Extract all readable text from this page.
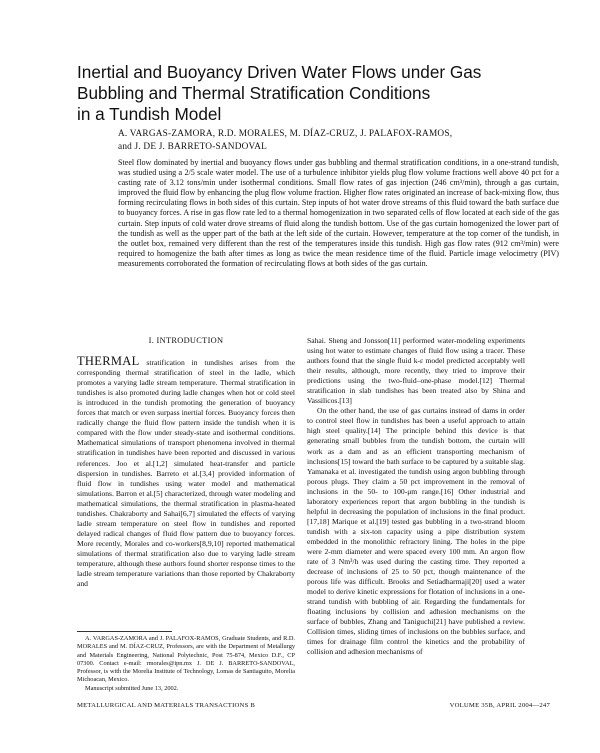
Inertial and Buoyancy Driven Water Flows under Gas
Bubbling and Thermal Stratification Conditions
in a Tundish Model
A. VARGAS-ZAMORA, R.D. MORALES, M. DÍAZ-CRUZ, J. PALAFOX-RAMOS,
and J. DE J. BARRETO-SANDOVAL
Steel flow dominated by inertial and buoyancy flows under gas bubbling and thermal stratification conditions, in a one-strand tundish, was studied using a 2/5 scale water model. The use of a turbulence inhibitor yields plug flow volume fractions well above 40 pct for a casting rate of 3.12 tons/min under isothermal conditions. Small flow rates of gas injection (246 cm³/min), through a gas curtain, improved the fluid flow by enhancing the plug flow volume fraction. Higher flow rates originated an increase of back-mixing flow, thus forming recirculating flows in both sides of this curtain. Step inputs of hot water drove streams of this fluid toward the bath surface due to buoyancy forces. A rise in gas flow rate led to a thermal homogenization in two separated cells of flow located at each side of the gas curtain. Step inputs of cold water drove streams of fluid along the tundish bottom. Use of the gas curtain homogenized the lower part of the tundish as well as the upper part of the bath at the left side of the curtain. However, temperature at the top corner of the tundish, in the outlet box, remained very different than the rest of the temperatures inside this tundish. High gas flow rates (912 cm³/min) were required to homogenize the bath after times as long as twice the mean residence time of the fluid. Particle image velocimetry (PIV) measurements corroborated the formation of recirculating flows at both sides of the gas curtain.
I. INTRODUCTION

THERMAL stratification in tundishes arises from the corresponding thermal stratification of steel in the ladle, which promotes a varying ladle stream temperature. Thermal stratification in tundishes is also promoted during ladle changes when hot or cold steel is introduced in the tundish promoting the generation of buoyancy forces that match or even surpass inertial forces. Buoyancy forces then radically change the fluid flow pattern inside the tundish when it is compared with the flow under steady-state and isothermal conditions. Mathematical simulations of transport phenomena involved in thermal stratification in tundishes have been reported and discussed in various references. Joo et al.[1,2] simulated heat-transfer and particle dispersion in tundishes. Barreto et al.[3,4] provided information of fluid flow in tundishes using water model and mathematical simulations. Barron et al.[5] characterized, through water modeling and mathematical simulations, the thermal stratification in plasma-heated tundishes. Chakraborty and Sahai[6,7] simulated the effects of varying ladle stream temperature on steel flow in tundishes and reported delayed radical changes of fluid flow pattern due to buoyancy forces. More recently, Morales and co-workers[8,9,10] reported mathematical simulations of thermal stratification also due to varying ladle stream temperature, although these authors found shorter response times to the ladle stream temperature variations than those reported by Chakraborty and

A. VARGAS-ZAMORA and J. PALAFOX-RAMOS, Graduate Students, and R.D. MORALES and M. DÍAZ-CRUZ, Professors, are with the Department of Metallurgy and Materials Engineering, National Polytechnic, Post 75-874, Mexico D.F., CP 07300. Contact e-mail: rmorales@ipn.mx J. DE J. BARRETO-SANDOVAL, Professor, is with the Morelia Institute of Technology, Lomas de Santiaguito, Morelia Michoacan, Mexico.

Manuscript submitted June 13, 2002.

Sahai. Sheng and Jonsson[11] performed water-modeling experiments using hot water to estimate changes of fluid flow using a tracer. These authors found that the single fluid k-ε model predicted acceptably well their results, although, more recently, they tried to improve their predictions using the two-fluid–one-phase model.[12] Thermal stratification in slab tundishes has been treated also by Shina and Vassilicos.[13]

On the other hand, the use of gas curtains instead of dams in order to control steel flow in tundishes has been a useful approach to attain high steel quality.[14] The principle behind this device is that generating small bubbles from the tundish bottom, the curtain will work as a dam and as an efficient transporting mechanism of inclusions[15] toward the bath surface to be captured by a suitable slag. Yamanaka et al. investigated the tundish using argon bubbling through porous plugs. They claim a 50 pct improvement in the removal of inclusions in the 50- to 100-μm range.[16] Other industrial and laboratory experiences report that argon bubbling in the tundish is helpful in decreasing the population of inclusions in the final product.[17,18] Marique et al.[19] tested gas bubbling in a two-strand bloom tundish with a six-ton capacity using a pipe distribution system embedded in the monolithic refractory lining. The holes in the pipe were 2-mm diameter and were spaced every 100 mm. An argon flow rate of 3 Nm³/h was used during the casting time. They reported a decrease of inclusions of 25 to 50 pct, though maintenance of the porous life was difficult. Brooks and Setiadharmaji[20] used a water model to derive kinetic expressions for flotation of inclusions in a one-strand tundish with bubbling of air. Regarding the fundamentals for floating inclusions by collision and adhesion mechanisms on the surface of bubbles, Zhang and Taniguchi[21] have published a review. Collision times, sliding times of inclusions on the bubbles surface, and times for drainage film control the kinetics and the probability of collision and adhesion mechanisms of

METALLURGICAL AND MATERIALS TRANSACTIONS B	VOLUME 35B, APRIL 2004—247
